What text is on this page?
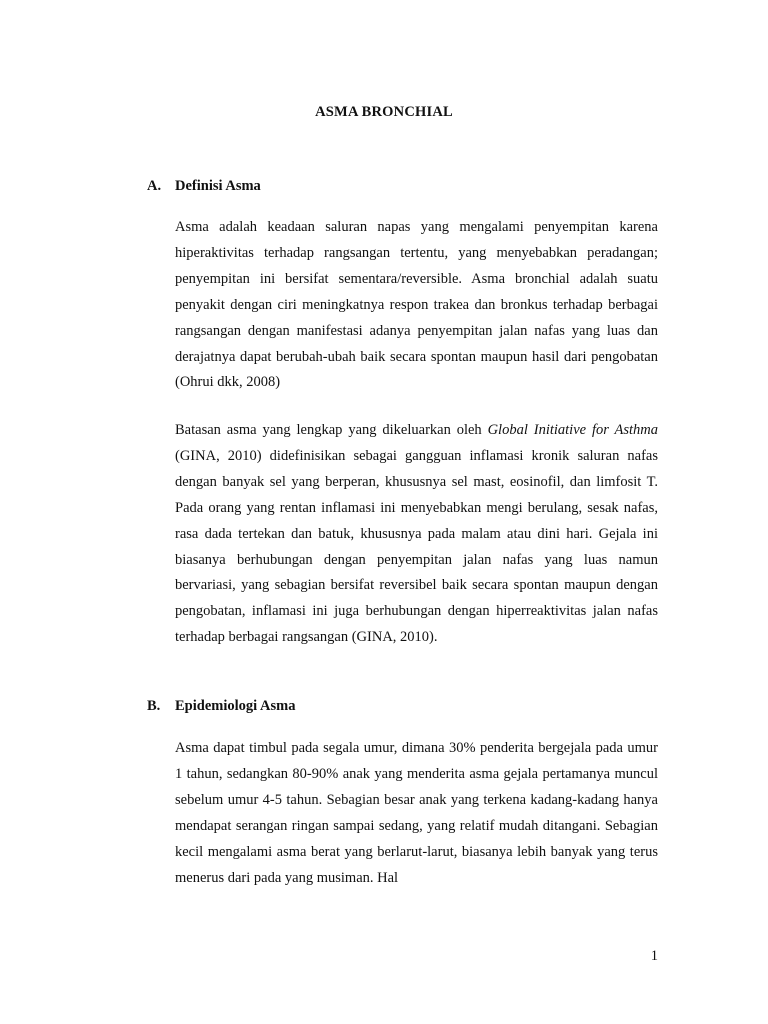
ASMA BRONCHIAL
A. Definisi Asma

Asma adalah keadaan saluran napas yang mengalami penyempitan karena hiperaktivitas terhadap rangsangan tertentu, yang menyebabkan peradangan; penyempitan ini bersifat sementara/reversible. Asma bronchial adalah suatu penyakit dengan ciri meningkatnya respon trakea dan bronkus terhadap berbagai rangsangan dengan manifestasi adanya penyempitan jalan nafas yang luas dan derajatnya dapat berubah-ubah baik secara spontan maupun hasil dari pengobatan (Ohrui dkk, 2008)

Batasan asma yang lengkap yang dikeluarkan oleh Global Initiative for Asthma (GINA, 2010) didefinisikan sebagai gangguan inflamasi kronik saluran nafas dengan banyak sel yang berperan, khususnya sel mast, eosinofil, dan limfosit T. Pada orang yang rentan inflamasi ini menyebabkan mengi berulang, sesak nafas, rasa dada tertekan dan batuk, khususnya pada malam atau dini hari. Gejala ini biasanya berhubungan dengan penyempitan jalan nafas yang luas namun bervariasi, yang sebagian bersifat reversibel baik secara spontan maupun dengan pengobatan, inflamasi ini juga berhubungan dengan hiperreaktivitas jalan nafas terhadap berbagai rangsangan (GINA, 2010).

B. Epidemiologi Asma

Asma dapat timbul pada segala umur, dimana 30% penderita bergejala pada umur 1 tahun, sedangkan 80-90% anak yang menderita asma gejala pertamanya muncul sebelum umur 4-5 tahun. Sebagian besar anak yang terkena kadang-kadang hanya mendapat serangan ringan sampai sedang, yang relatif mudah ditangani. Sebagian kecil mengalami asma berat yang berlarut-larut, biasanya lebih banyak yang terus menerus dari pada yang musiman. Hal

1
